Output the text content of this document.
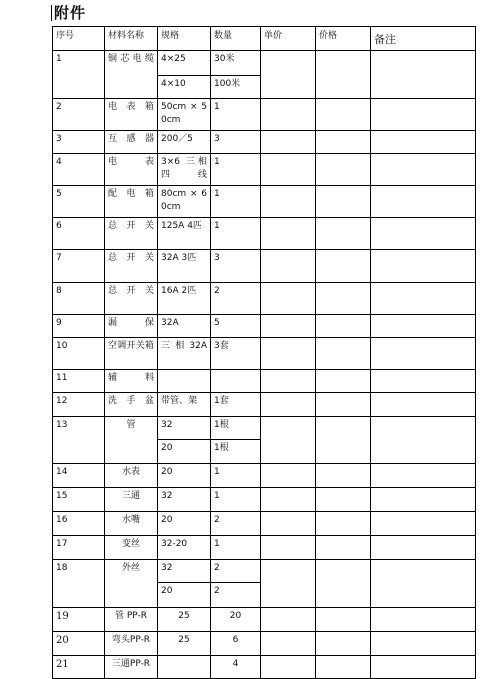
附件
序号	材料名称	规格	数量	单价	价格	备注
1	铜芯电缆	4×25	30米			
		4×10	100米			
2	电表箱	50cm × 50cm	1			
3	互感器	200／5	3			
4	电表	3×6 三相四线	1			
5	配电箱	80cm × 60cm	1			
6	总开关	125A 4匹	1			
7	总开关	32A 3匹	3			
8	总开关	16A 2匹	2			
9	漏保	32A	5			
10	空调开关箱	三 相 32A	3套			
11	辅料					
12	洗手盆	带管、架	1套			
13	管	32	1根			
		20	1根			
14	水表	20	1			
15	三通	32	1			
16	水嘴	20	2			
17	变丝	32-20	1			
18	外丝	32	2			
		20	2			
19	管 PP-R	25	20			
20	弯头PP-R	25	6			
21	三通PP-R		4			
